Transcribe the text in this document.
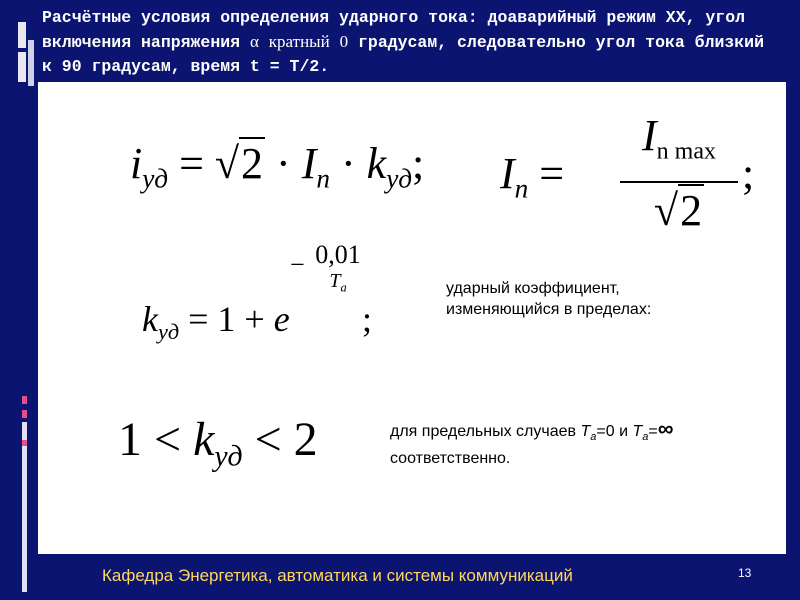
Расчётные условия определения ударного тока: доаварийный режим ХХ, угол включения напряжения α кратный 0 градусам, следовательно угол тока близкий к 90 градусам, время t = T/2.
$i_{уд} = √2 \cdot I_n \cdot k_{уд}$; $I_n$ =
$I_{n max}$
√2
;
$k_{уд} = 1 + e$
− 0,01
$T_a$
;
ударный коэффициент,
изменяющийся в пределах:
$1 < k_{уд} < 2$	для предельных случаев $T_a=0$ и $T_a=\infty$
соответственно.
Кафедра Энергетика, автоматика и системы коммуникаций	13
